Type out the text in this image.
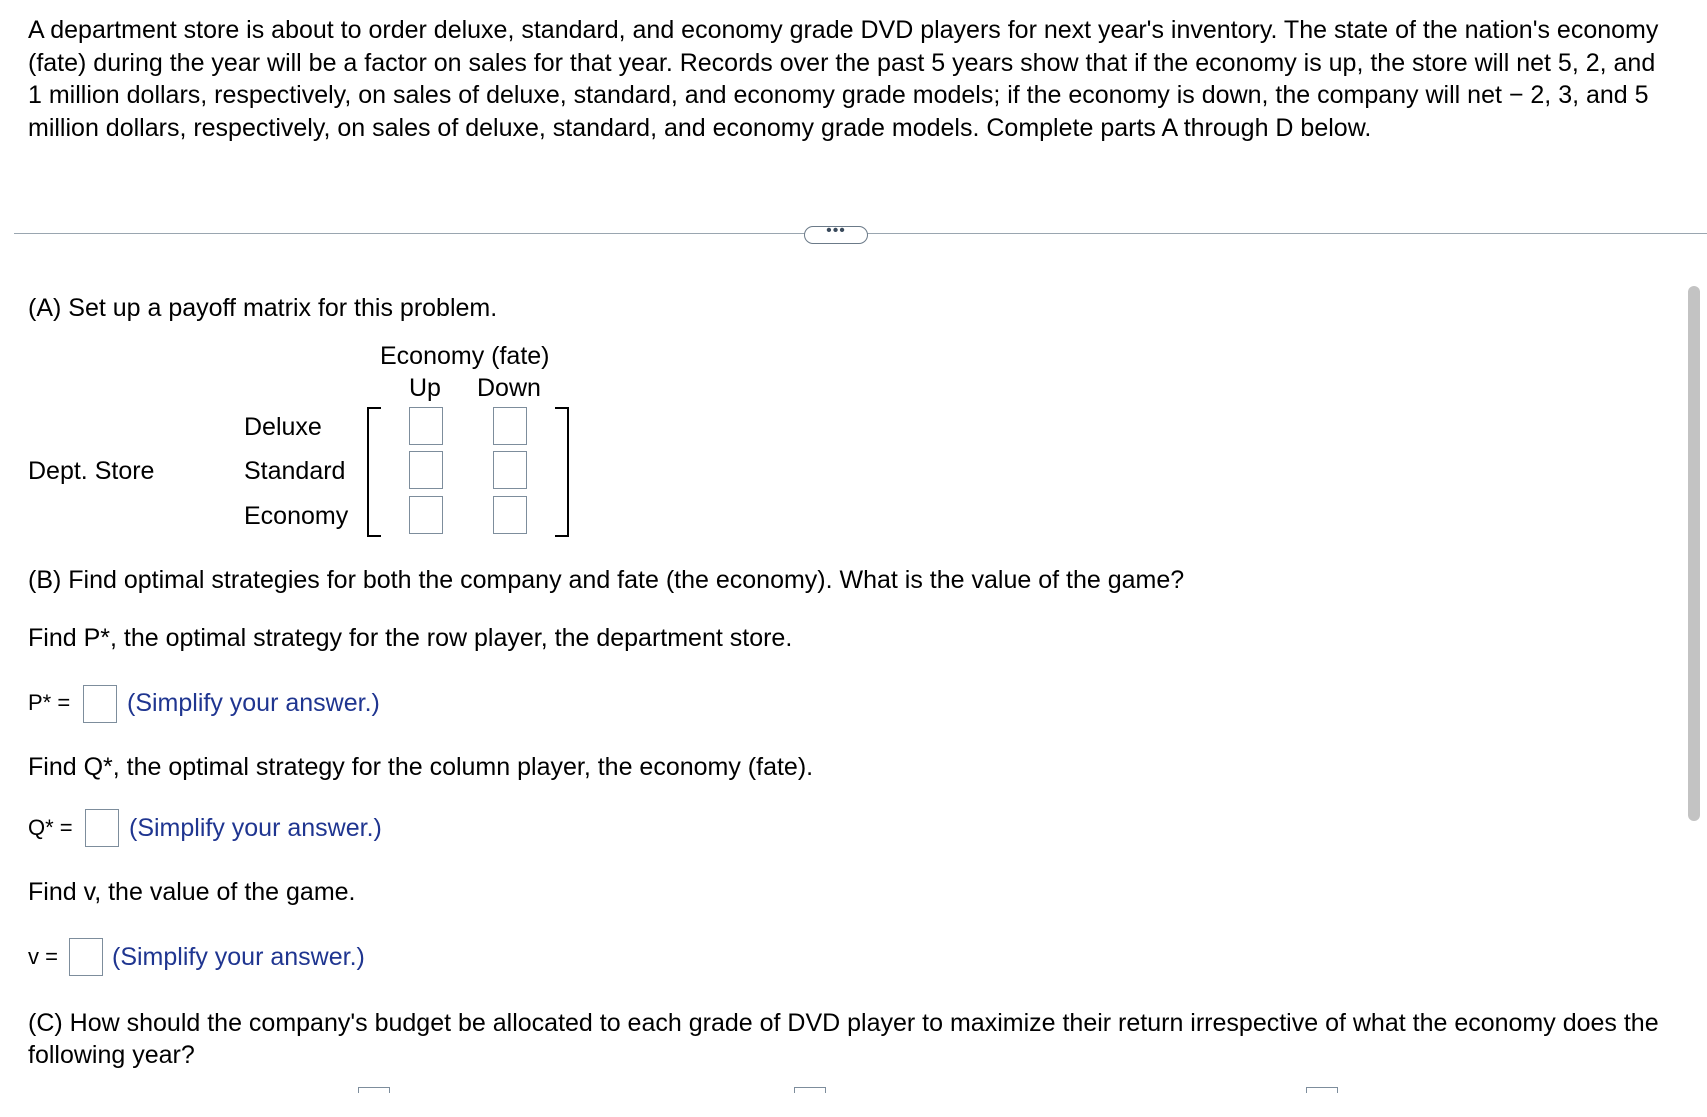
A department store is about to order deluxe, standard, and economy grade DVD players for next year's inventory. The state of the nation's economy (fate) during the year will be a factor on sales for that year. Records over the past 5 years show that if the economy is up, the store will net 5, 2, and 1 million dollars, respectively, on sales of deluxe, standard, and economy grade models; if the economy is down, the company will net − 2, 3, and 5 million dollars, respectively, on sales of deluxe, standard, and economy grade models. Complete parts A through D below.

•••
(A) Set up a payoff matrix for this problem.
Economy (fate)
Up Down
Dept. Store
Deluxe
Standard
Economy
(B) Find optimal strategies for both the company and fate (the economy). What is the value of the game?
Find P*, the optimal strategy for the row player, the department store.
P* = (Simplify your answer.)
Find Q*, the optimal strategy for the column player, the economy (fate).
Q* = (Simplify your answer.)
Find v, the value of the game.
v = (Simplify your answer.)
(C) How should the company's budget be allocated to each grade of DVD player to maximize their return irrespective of what the economy does the following year?
